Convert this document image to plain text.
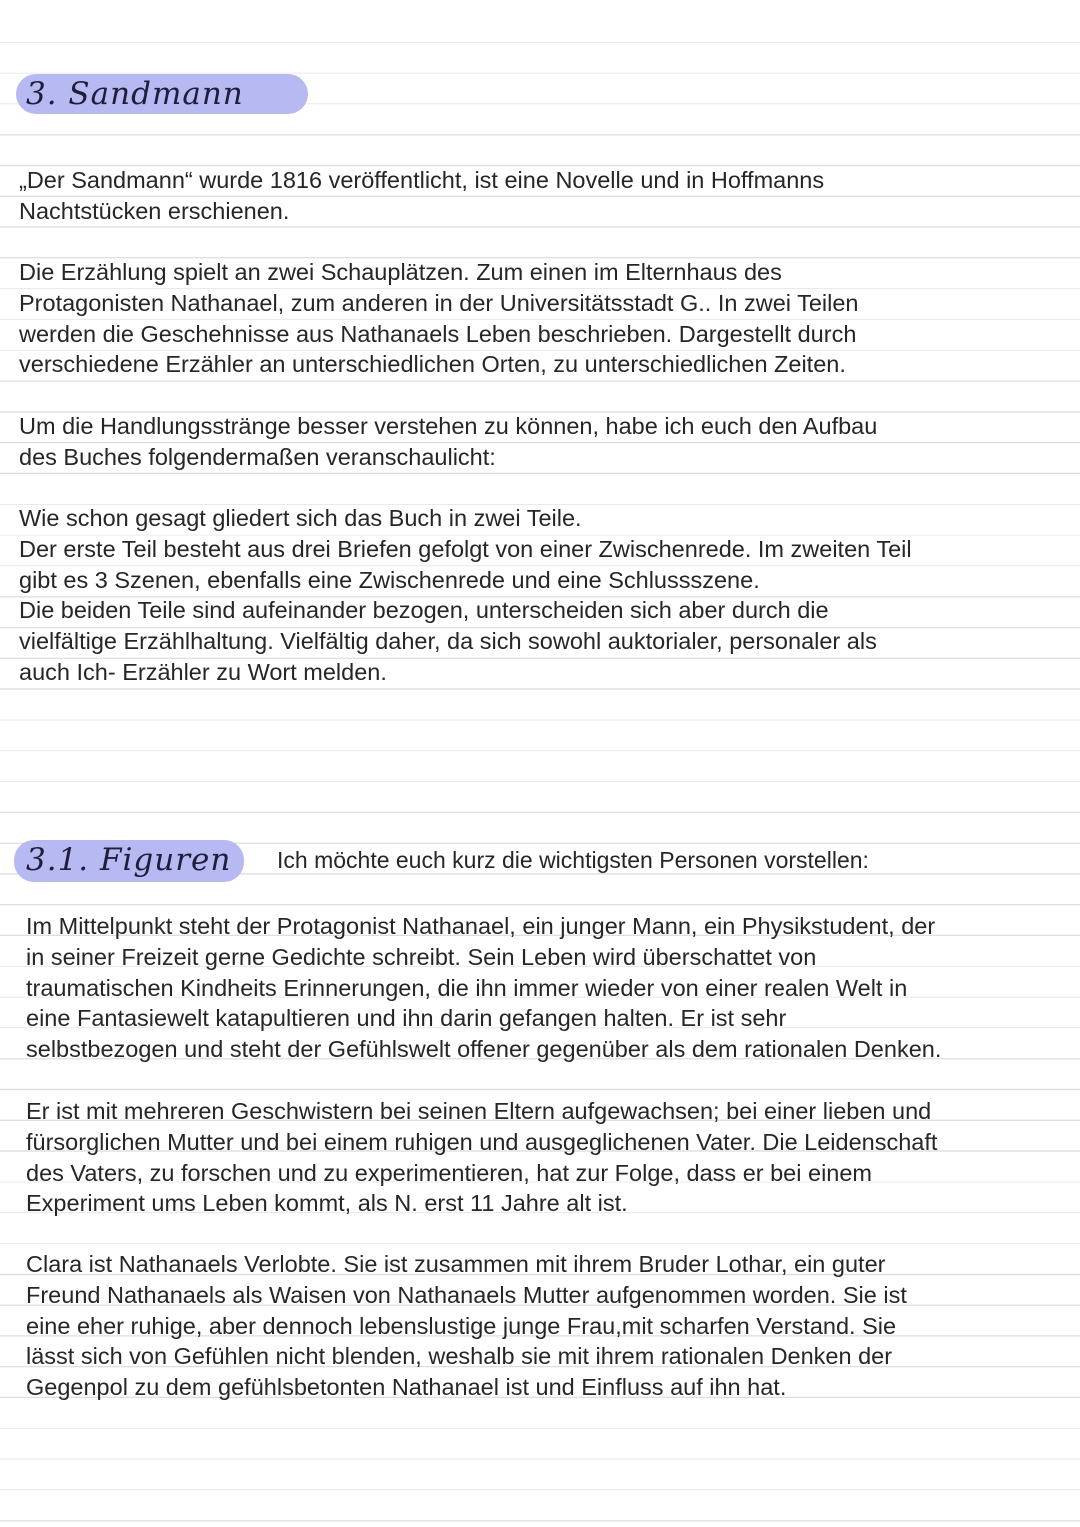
3. Sandmann
„Der Sandmann“ wurde 1816 veröffentlicht, ist eine Novelle und in Hoffmanns
Nachtstücken erschienen.
Die Erzählung spielt an zwei Schauplätzen. Zum einen im Elternhaus des
Protagonisten Nathanael, zum anderen in der Universitätsstadt G.. In zwei Teilen
werden die Geschehnisse aus Nathanaels Leben beschrieben. Dargestellt durch
verschiedene Erzähler an unterschiedlichen Orten, zu unterschiedlichen Zeiten.
Um die Handlungsstränge besser verstehen zu können, habe ich euch den Aufbau
des Buches folgendermaßen veranschaulicht:
Wie schon gesagt gliedert sich das Buch in zwei Teile.
Der erste Teil besteht aus drei Briefen gefolgt von einer Zwischenrede. Im zweiten Teil
gibt es 3 Szenen, ebenfalls eine Zwischenrede und eine Schlussszene.
Die beiden Teile sind aufeinander bezogen, unterscheiden sich aber durch die
vielfältige Erzählhaltung. Vielfältig daher, da sich sowohl auktorialer, personaler als
auch Ich- Erzähler zu Wort melden.
3.1. Figuren Ich möchte euch kurz die wichtigsten Personen vorstellen:
Im Mittelpunkt steht der Protagonist Nathanael, ein junger Mann, ein Physikstudent, der
in seiner Freizeit gerne Gedichte schreibt. Sein Leben wird überschattet von
traumatischen Kindheits Erinnerungen, die ihn immer wieder von einer realen Welt in
eine Fantasiewelt katapultieren und ihn darin gefangen halten. Er ist sehr
selbstbezogen und steht der Gefühlswelt offener gegenüber als dem rationalen Denken.
Er ist mit mehreren Geschwistern bei seinen Eltern aufgewachsen; bei einer lieben und
fürsorglichen Mutter und bei einem ruhigen und ausgeglichenen Vater. Die Leidenschaft
des Vaters, zu forschen und zu experimentieren, hat zur Folge, dass er bei einem
Experiment ums Leben kommt, als N. erst 11 Jahre alt ist.
Clara ist Nathanaels Verlobte. Sie ist zusammen mit ihrem Bruder Lothar, ein guter
Freund Nathanaels als Waisen von Nathanaels Mutter aufgenommen worden. Sie ist
eine eher ruhige, aber dennoch lebenslustige junge Frau,mit scharfen Verstand. Sie
lässt sich von Gefühlen nicht blenden, weshalb sie mit ihrem rationalen Denken der
Gegenpol zu dem gefühlsbetonten Nathanael ist und Einfluss auf ihn hat.
